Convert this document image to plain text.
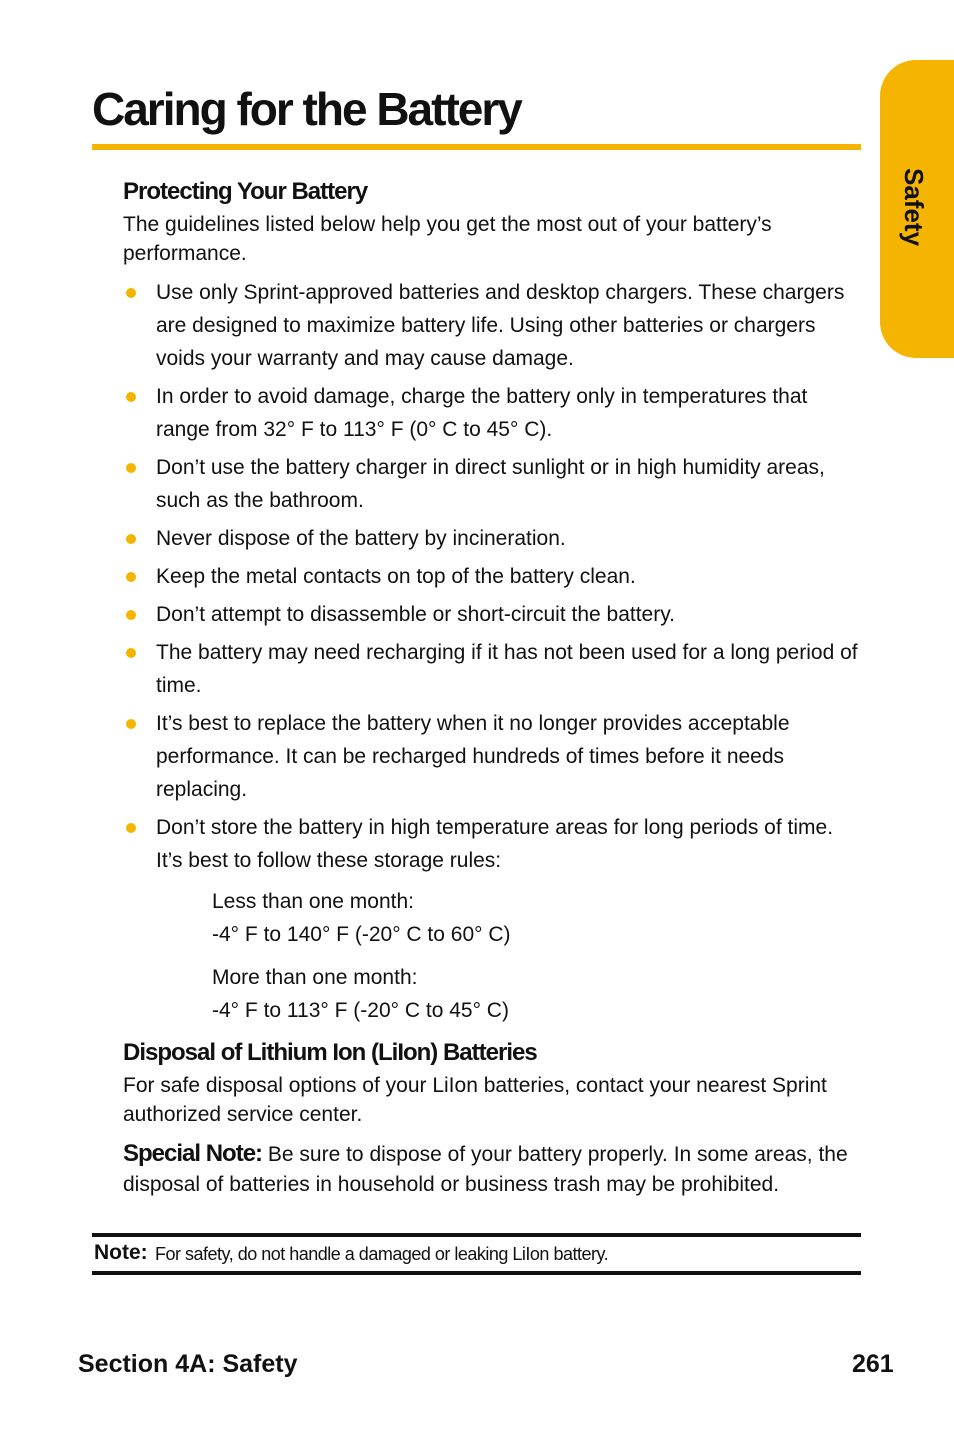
Caring for the Battery
Safety
Protecting Your Battery

The guidelines listed below help you get the most out of your battery’s performance.

Use only Sprint-approved batteries and desktop chargers. These chargers are designed to maximize battery life. Using other batteries or chargers voids your warranty and may cause damage.
In order to avoid damage, charge the battery only in temperatures that range from 32° F to 113° F (0° C to 45° C).
Don’t use the battery charger in direct sunlight or in high humidity areas, such as the bathroom.
Never dispose of the battery by incineration.
Keep the metal contacts on top of the battery clean.
Don’t attempt to disassemble or short-circuit the battery.
The battery may need recharging if it has not been used for a long period of time.
It’s best to replace the battery when it no longer provides acceptable performance. It can be recharged hundreds of times before it needs replacing.
Don’t store the battery in high temperature areas for long periods of time. It’s best to follow these storage rules:
Less than one month:
-4° F to 140° F (-20° C to 60° C)
More than one month:
-4° F to 113° F (-20° C to 45° C)
Disposal of Lithium Ion (LiIon) Batteries

For safe disposal options of your LiIon batteries, contact your nearest Sprint authorized service center.

Special Note: Be sure to dispose of your battery properly. In some areas, the disposal of batteries in household or business trash may be prohibited.

Note: For safety, do not handle a damaged or leaking LiIon battery.
Section 4A: Safety	261
